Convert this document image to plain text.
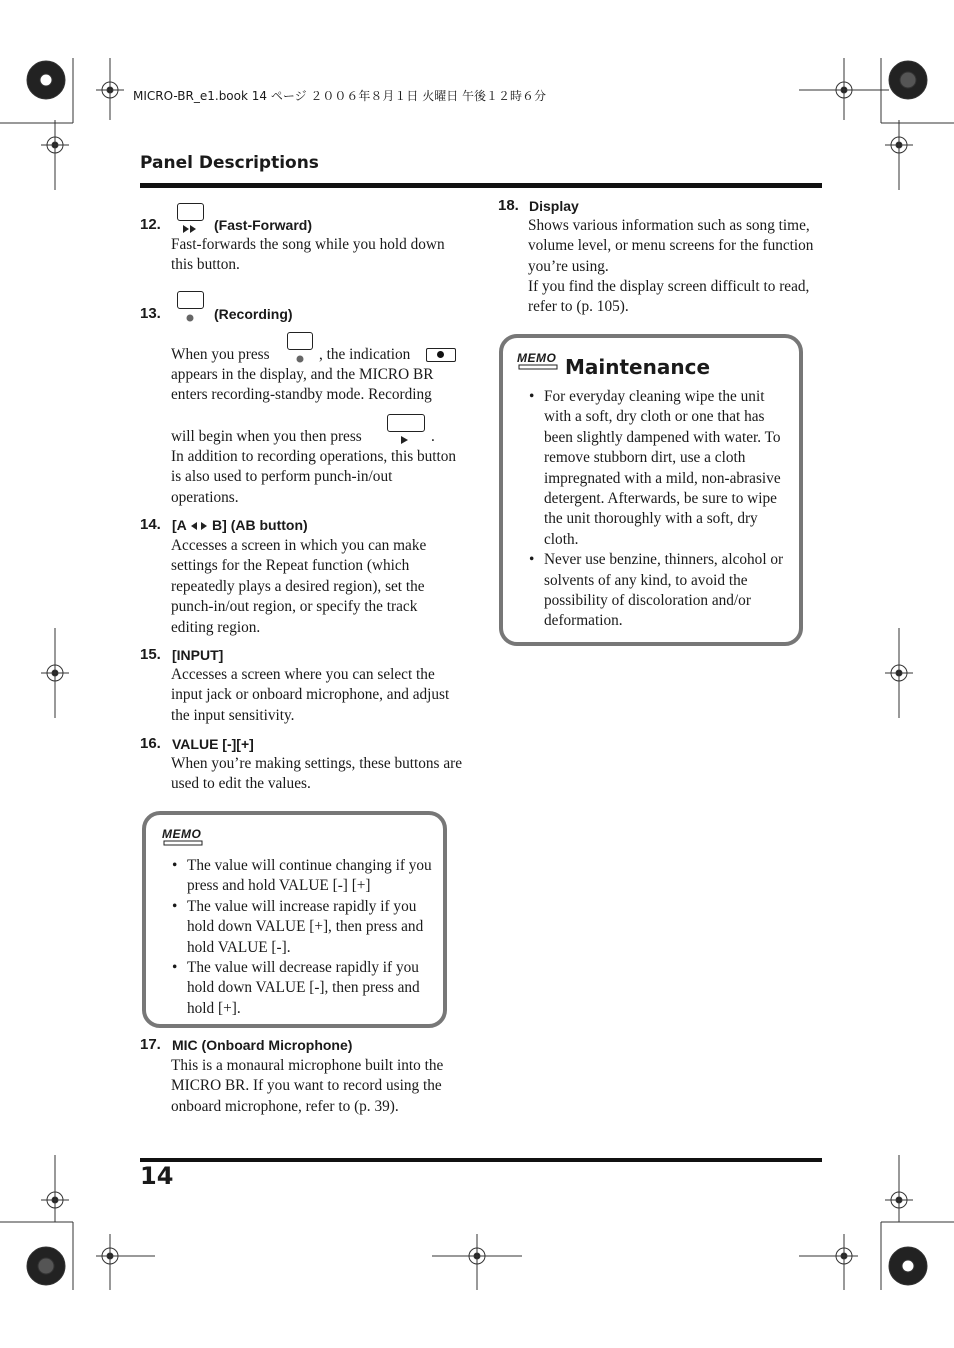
MICRO-BR_e1.book 14 ページ ２００６年８月１日 火曜日 午後１２時６分
Panel Descriptions
12.	(Fast-Forward)
Fast-forwards the song while you hold down this button.
13.	(Recording)
When you press	, the indication
appears in the display, and the MICRO BR enters recording-standby mode. Recording
will begin when you then press	.
In addition to recording operations, this button is also used to perform punch-in/out operations.
14. [A B] (AB button)
Accesses a screen in which you can make settings for the Repeat function (which repeatedly plays a desired region), set the punch-in/out region, or specify the track editing region.
15. [INPUT]
Accesses a screen where you can select the input jack or onboard microphone, and adjust the input sensitivity.
16. VALUE [-][+]
When you’re making settings, these buttons are used to edit the values.
MEMO
• The value will continue changing if you press and hold VALUE [-] [+]
• The value will increase rapidly if you hold down VALUE [+], then press and hold VALUE [-].
• The value will decrease rapidly if you hold down VALUE [-], then press and hold [+].
17. MIC (Onboard Microphone)
This is a monaural microphone built into the MICRO BR. If you want to record using the onboard microphone, refer to (p. 39).
18. Display
Shows various information such as song time, volume level, or menu screens for the function you’re using.
If you find the display screen difficult to read, refer to (p. 105).
MEMO Maintenance
• For everyday cleaning wipe the unit with a soft, dry cloth or one that has been slightly dampened with water. To remove stubborn dirt, use a cloth impregnated with a mild, non-abrasive detergent. Afterwards, be sure to wipe the unit thoroughly with a soft, dry cloth.
• Never use benzine, thinners, alcohol or solvents of any kind, to avoid the possibility of discoloration and/or deformation.
14
